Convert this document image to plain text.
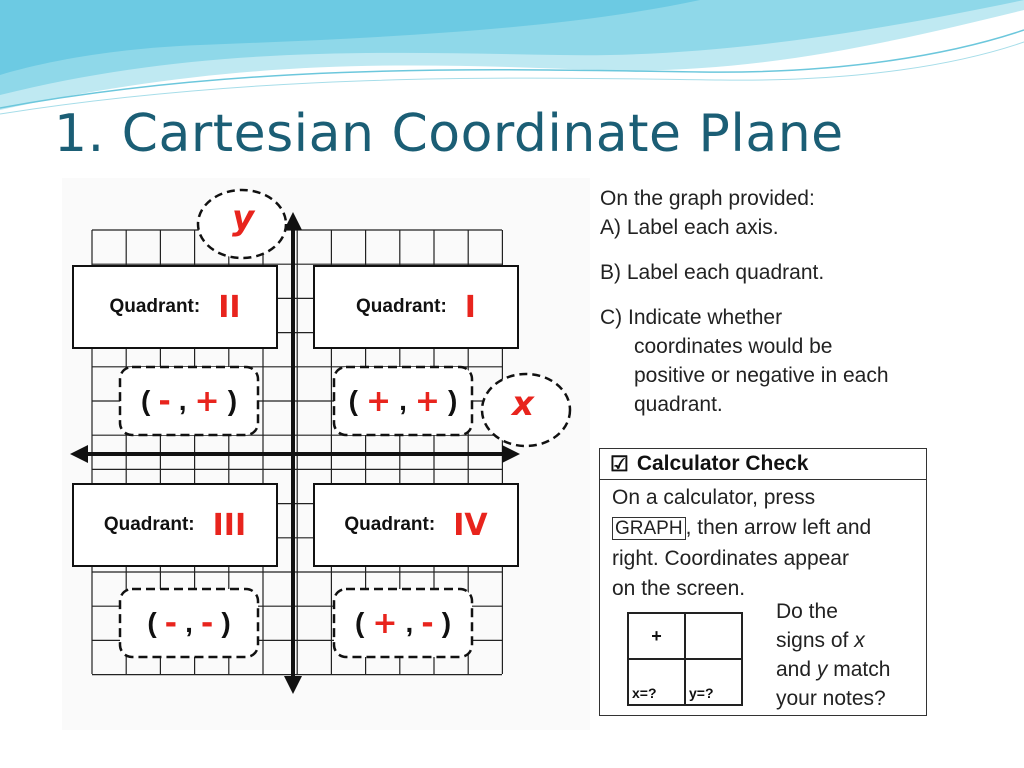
1. Cartesian Coordinate Plane
y
x
Quadrant: II	Quadrant: I
Quadrant: III	Quadrant: IV
( - , + )	( + , + )
( - , - )	( + , - )
On the graph provided:
A) Label each axis.
B) Label each quadrant.
C) Indicate whether
coordinates would be
positive or negative in each
quadrant.
☑ Calculator Check
On a calculator, press
GRAPH , then arrow left and
right. Coordinates appear
on the screen.
+
x=?	y=?
Do the
signs of x
and y match
your notes?
